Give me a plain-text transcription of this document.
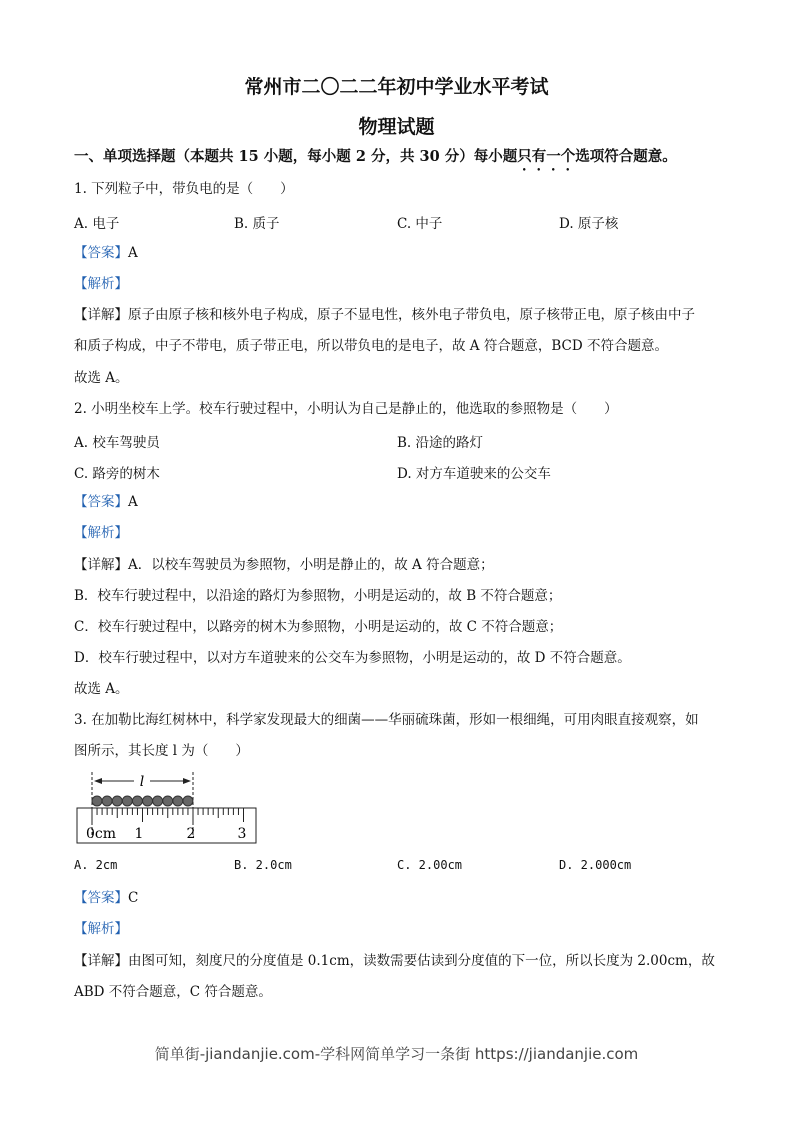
常州市二〇二二年初中学业水平考试
物理试题
一、单项选择题（本题共 15 小题，每小题 2 分，共 30 分）每小题只有一个选项符合题意。
1. 下列粒子中，带负电的是（　　）
A. 电子	B. 质子	C. 中子	D. 原子核
【答案】A
【解析】
【详解】原子由原子核和核外电子构成，原子不显电性，核外电子带负电，原子核带正电，原子核由中子
和质子构成，中子不带电，质子带正电，所以带负电的是电子，故 A 符合题意，BCD 不符合题意。
故选 A。
2. 小明坐校车上学。校车行驶过程中，小明认为自己是静止的，他选取的参照物是（　　）
A. 校车驾驶员	B. 沿途的路灯
C. 路旁的树木	D. 对方车道驶来的公交车
【答案】A
【解析】
【详解】A．以校车驾驶员为参照物，小明是静止的，故 A 符合题意；
B．校车行驶过程中，以沿途的路灯为参照物，小明是运动的，故 B 不符合题意；
C．校车行驶过程中，以路旁的树木为参照物，小明是运动的，故 C 不符合题意；
D．校车行驶过程中，以对方车道驶来的公交车为参照物，小明是运动的，故 D 不符合题意。
故选 A。
3. 在加勒比海红树林中，科学家发现最大的细菌——华丽硫珠菌，形如一根细绳，可用肉眼直接观察，如
图所示，其长度 l 为（　　）
l
0cm 1	2	3
A. 2cm	B. 2.0cm	C. 2.00cm	D. 2.000cm
【答案】C
【解析】
【详解】由图可知，刻度尺的分度值是 0.1cm，读数需要估读到分度值的下一位，所以长度为 2.00cm，故
ABD 不符合题意，C 符合题意。
简单街-jiandanjie.com-学科网简单学习一条街 https://jiandanjie.com
